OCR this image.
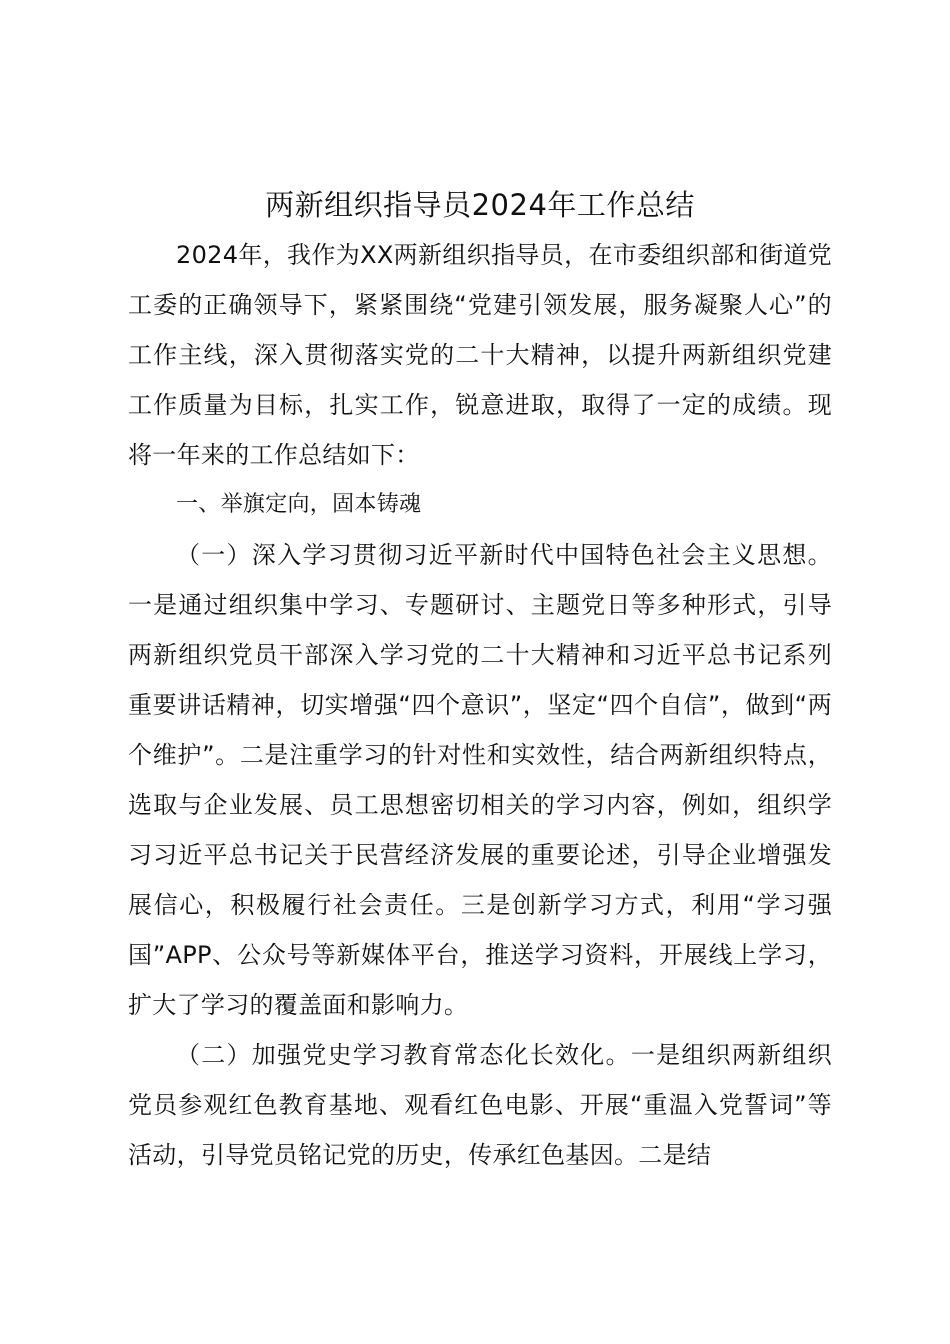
两新组织指导员2024年工作总结

2024年，我作为XX两新组织指导员，在市委组织部和街道党工委的正确领导下，紧紧围绕“党建引领发展，服务凝聚人心”的工作主线，深入贯彻落实党的二十大精神，以提升两新组织党建工作质量为目标，扎实工作，锐意进取，取得了一定的成绩。现将一年来的工作总结如下：

一、举旗定向，固本铸魂

（一）深入学习贯彻习近平新时代中国特色社会主义思想。一是通过组织集中学习、专题研讨、主题党日等多种形式，引导两新组织党员干部深入学习党的二十大精神和习近平总书记系列重要讲话精神，切实增强“四个意识”，坚定“四个自信”，做到“两个维护”。二是注重学习的针对性和实效性，结合两新组织特点，选取与企业发展、员工思想密切相关的学习内容，例如，组织学习习近平总书记关于民营经济发展的重要论述，引导企业增强发展信心，积极履行社会责任。三是创新学习方式，利用“学习强国”APP、公众号等新媒体平台，推送学习资料，开展线上学习，扩大了学习的覆盖面和影响力。

（二）加强党史学习教育常态化长效化。一是组织两新组织党员参观红色教育基地、观看红色电影、开展“重温入党誓词”等活动，引导党员铭记党的历史，传承红色基因。二是结
